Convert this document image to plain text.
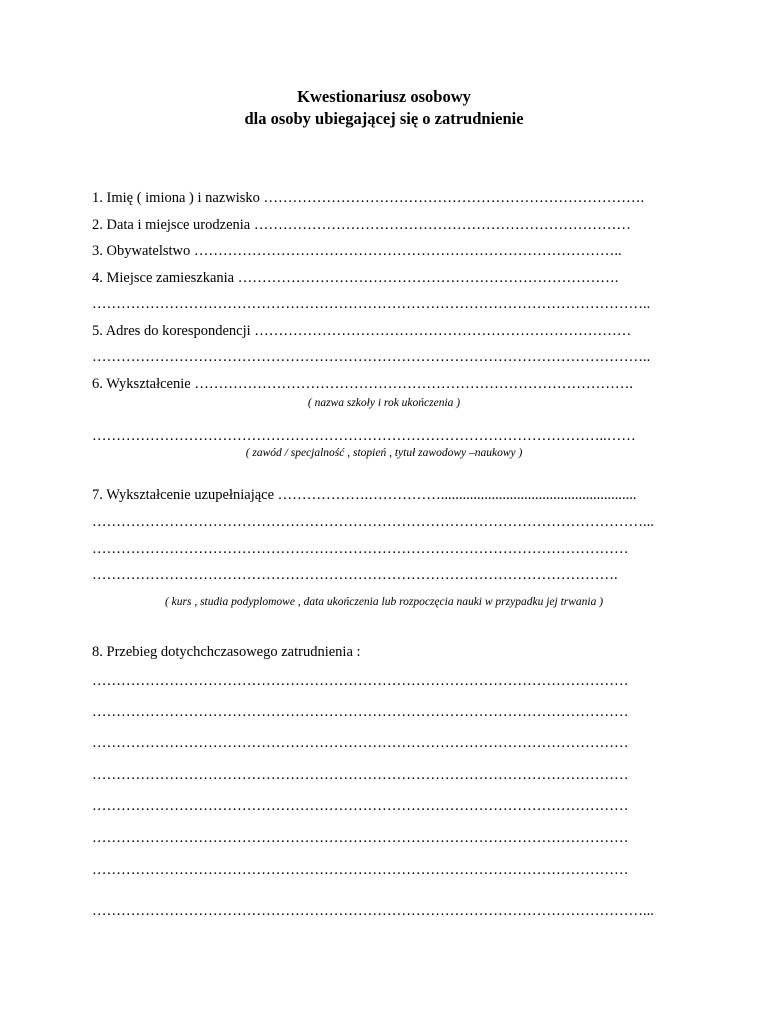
Kwestionariusz osobowy
dla osoby ubiegającej się o zatrudnienie
1. Imię ( imiona ) i nazwisko …………………………………………………………………….
2. Data i miejsce urodzenia ……………………………………………………………………
3. Obywatelstwo ……………………………………………………………………………..
4. Miejsce zamieszkania …………………………………………………………………….
……………………………………………………………………………………………………..
5. Adres do korespondencji ……………………………………………………………………
……………………………………………………………………………………………………..
6. Wykształcenie ……………………………………………………………………………….
( nazwa szkoły i rok ukończenia )
……………………………………………………………………………………………..……
( zawód / specjalność , stopień , tytuł zawodowy –naukowy )
7. Wykształcenie uzupełniające ……………….……………......................................................
……………………………………………………………………………………………………...
…………………………………………………………………………………………………
……………………………………………………………………………………………….
( kurs , studia podyplomowe , data ukończenia lub rozpoczęcia nauki w przypadku jej trwania )
8. Przebieg dotychchczasowego zatrudnienia :
…………………………………………………………………………………………………
…………………………………………………………………………………………………
…………………………………………………………………………………………………
…………………………………………………………………………………………………
…………………………………………………………………………………………………
…………………………………………………………………………………………………
…………………………………………………………………………………………………
……………………………………………………………………………………………………...
